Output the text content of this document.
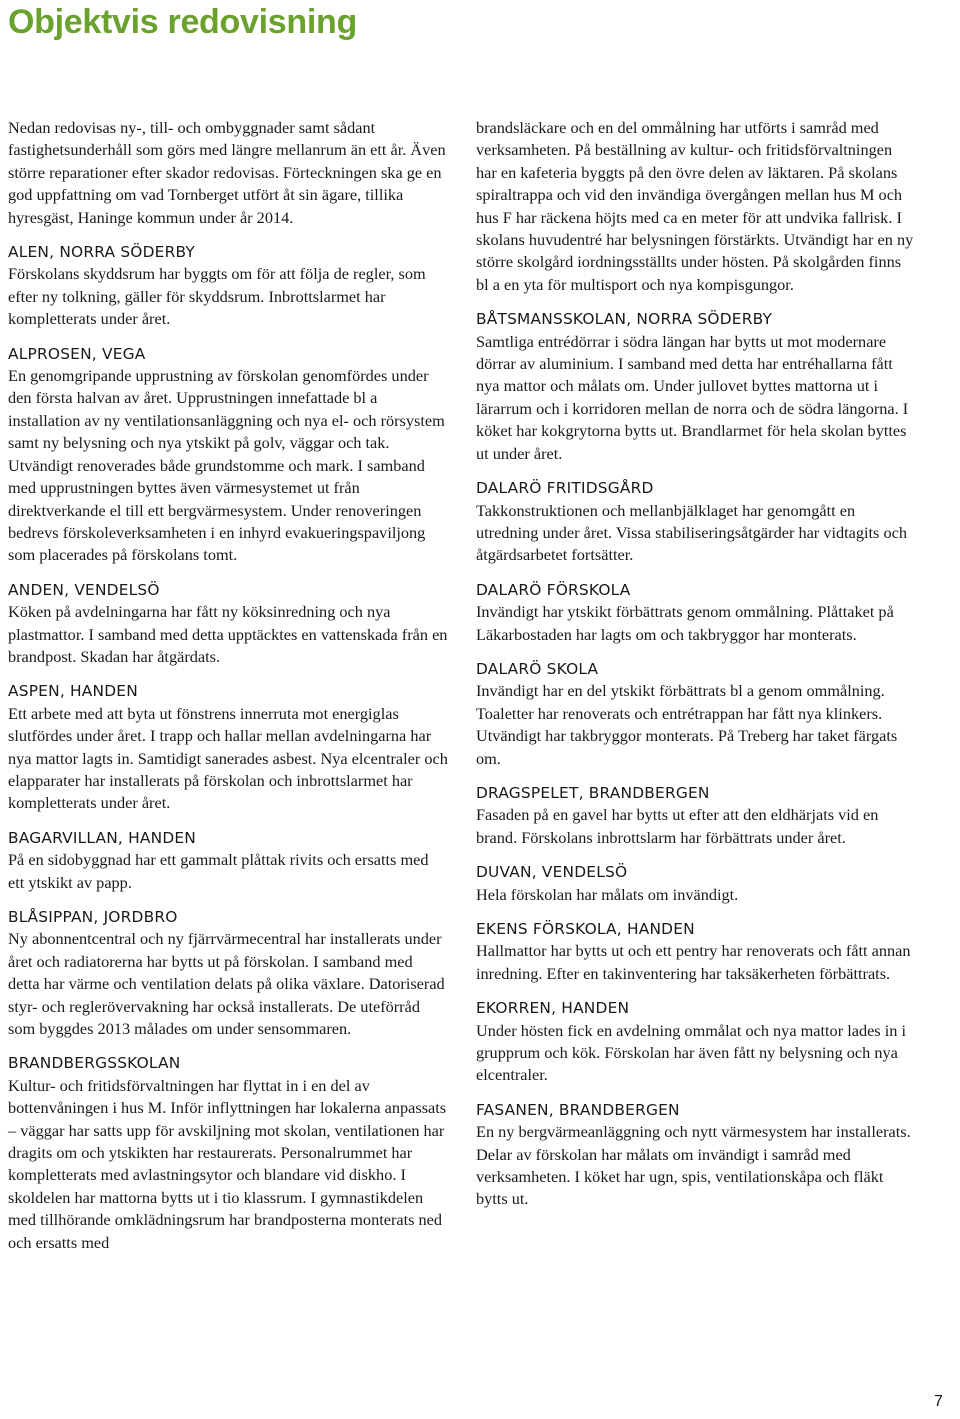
Objektvis redovisning

Nedan redovisas ny-, till- och ombyggnader samt sådant fastighetsunderhåll som görs med längre mellanrum än ett år. Även större reparationer efter skador redovisas. Förteckningen ska ge en god uppfattning om vad Tornberget utfört åt sin ägare, tillika hyresgäst, Haninge kommun under år 2014.

ALEN, NORRA SÖDERBY

Förskolans skyddsrum har byggts om för att följa de regler, som efter ny tolkning, gäller för skyddsrum. Inbrottslarmet har kompletterats under året.

ALPROSEN, VEGA

En genomgripande upprustning av förskolan genomfördes under den första halvan av året. Upprustningen innefattade bl a installation av ny ventilationsanläggning och nya el- och rörsystem samt ny belysning och nya ytskikt på golv, väggar och tak. Utvändigt renoverades både grundstomme och mark. I samband med upprustningen byttes även värmesystemet ut från direktverkande el till ett bergvärmesystem. Under renoveringen bedrevs förskoleverksamheten i en inhyrd evakueringspaviljong som placerades på förskolans tomt.

ANDEN, VENDELSÖ

Köken på avdelningarna har fått ny köksinredning och nya plastmattor. I samband med detta upptäcktes en vattenskada från en brandpost. Skadan har åtgärdats.

ASPEN, HANDEN

Ett arbete med att byta ut fönstrens innerruta mot energiglas slutfördes under året. I trapp och hallar mellan avdelningarna har nya mattor lagts in. Samtidigt sanerades asbest. Nya elcentraler och elapparater har installerats på förskolan och inbrottslarmet har kompletterats under året.

BAGARVILLAN, HANDEN

På en sidobyggnad har ett gammalt plåttak rivits och ersatts med ett ytskikt av papp.

BLÅSIPPAN, JORDBRO

Ny abonnentcentral och ny fjärrvärmecentral har installerats under året och radiatorerna har bytts ut på förskolan. I samband med detta har värme och ventilation delats på olika växlare. Datoriserad styr- och reglerövervakning har också installerats. De uteförråd som byggdes 2013 målades om under sensommaren.

BRANDBERGSSKOLAN

Kultur- och fritidsförvaltningen har flyttat in i en del av bottenvåningen i hus M. Inför inflyttningen har lokalerna anpassats – väggar har satts upp för avskiljning mot skolan, ventilationen har dragits om och ytskikten har restaurerats. Personalrummet har kompletterats med avlastningsytor och blandare vid diskho. I skoldelen har mattorna bytts ut i tio klassrum. I gymnastikdelen med tillhörande omklädningsrum har brandposterna monterats ned och ersatts med

brandsläckare och en del ommålning har utförts i samråd med verksamheten. På beställning av kultur- och fritidsförvaltningen har en kafeteria byggts på den övre delen av läktaren. På skolans spiraltrappa och vid den invändiga övergången mellan hus M och hus F har räckena höjts med ca en meter för att undvika fallrisk. I skolans huvudentré har belysningen förstärkts. Utvändigt har en ny större skolgård iordningsställts under hösten. På skolgården finns bl a en yta för multisport och nya kompisgungor.

BÅTSMANSSKOLAN, NORRA SÖDERBY

Samtliga entrédörrar i södra längan har bytts ut mot modernare dörrar av aluminium. I samband med detta har entréhallarna fått nya mattor och målats om. Under jullovet byttes mattorna ut i lärarrum och i korridoren mellan de norra och de södra längorna. I köket har kokgrytorna bytts ut. Brandlarmet för hela skolan byttes ut under året.

DALARÖ FRITIDSGÅRD

Takkonstruktionen och mellanbjälklaget har genomgått en utredning under året. Vissa stabiliseringsåtgärder har vidtagits och åtgärdsarbetet fortsätter.

DALARÖ FÖRSKOLA

Invändigt har ytskikt förbättrats genom ommålning. Plåttaket på Läkarbostaden har lagts om och takbryggor har monterats.

DALARÖ SKOLA

Invändigt har en del ytskikt förbättrats bl a genom ommålning. Toaletter har renoverats och entrétrappan har fått nya klinkers. Utvändigt har takbryggor monterats. På Treberg har taket färgats om.

DRAGSPELET, BRANDBERGEN

Fasaden på en gavel har bytts ut efter att den eldhärjats vid en brand. Förskolans inbrottslarm har förbättrats under året.

DUVAN, VENDELSÖ

Hela förskolan har målats om invändigt.

EKENS FÖRSKOLA, HANDEN

Hallmattor har bytts ut och ett pentry har renoverats och fått annan inredning. Efter en takinventering har taksäkerheten förbättrats.

EKORREN, HANDEN

Under hösten fick en avdelning ommålat och nya mattor lades in i grupprum och kök. Förskolan har även fått ny belysning och nya elcentraler.

FASANEN, BRANDBERGEN

En ny bergvärmeanläggning och nytt värmesystem har installerats. Delar av förskolan har målats om invändigt i samråd med verksamheten. I köket har ugn, spis, ventilationskåpa och fläkt bytts ut.

7
